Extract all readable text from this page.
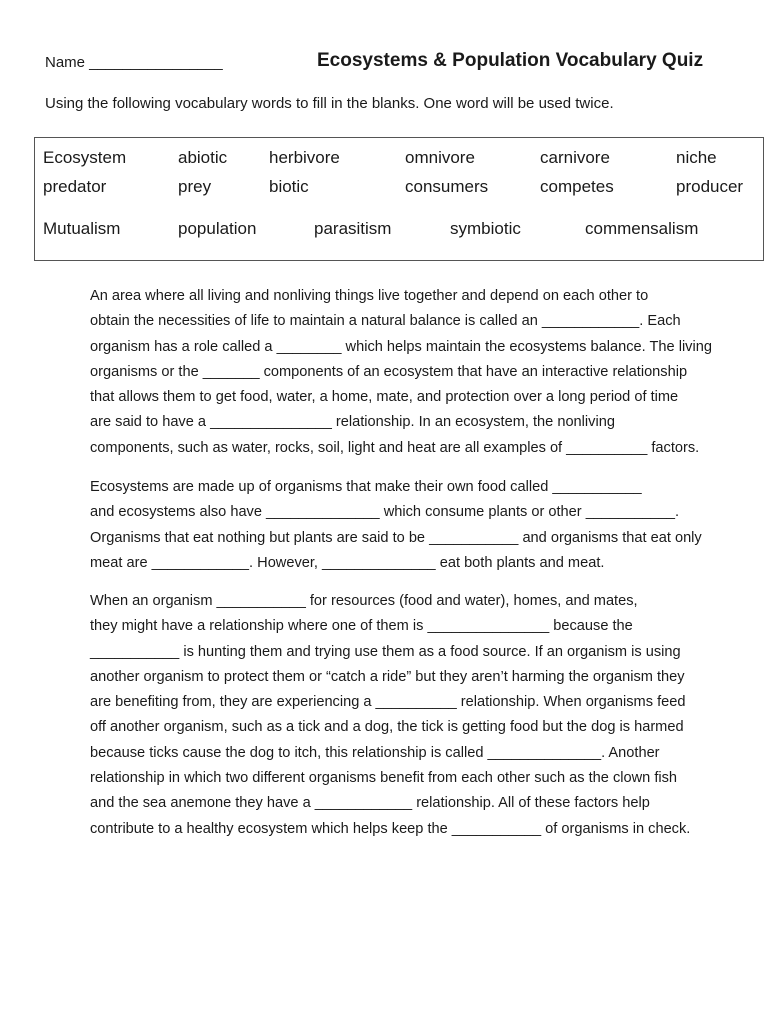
Name ________________	Ecosystems & Population Vocabulary Quiz
Using the following vocabulary words to fill in the blanks. One word will be used twice.
Ecosystem	abiotic herbivore	omnivore	carnivore	niche
predator	prey	biotic	consumers	competes	producer
Mutualism	population	parasitism	symbiotic	commensalism

An area where all living and nonliving things live together and depend on each other to
obtain the necessities of life to maintain a natural balance is called an ____________. Each
organism has a role called a ________ which helps maintain the ecosystems balance. The living
organisms or the _______ components of an ecosystem that have an interactive relationship
that allows them to get food, water, a home, mate, and protection over a long period of time
are said to have a _______________ relationship. In an ecosystem, the nonliving
components, such as water, rocks, soil, light and heat are all examples of __________ factors.

Ecosystems are made up of organisms that make their own food called ___________
and ecosystems also have ______________ which consume plants or other ___________.
Organisms that eat nothing but plants are said to be ___________ and organisms that eat only
meat are ____________. However, ______________ eat both plants and meat.

When an organism ___________ for resources (food and water), homes, and mates,
they might have a relationship where one of them is _______________ because the
___________ is hunting them and trying use them as a food source. If an organism is using
another organism to protect them or “catch a ride” but they aren’t harming the organism they
are benefiting from, they are experiencing a __________ relationship. When organisms feed
off another organism, such as a tick and a dog, the tick is getting food but the dog is harmed
because ticks cause the dog to itch, this relationship is called ______________. Another
relationship in which two different organisms benefit from each other such as the clown fish
and the sea anemone they have a ____________ relationship. All of these factors help
contribute to a healthy ecosystem which helps keep the ___________ of organisms in check.
